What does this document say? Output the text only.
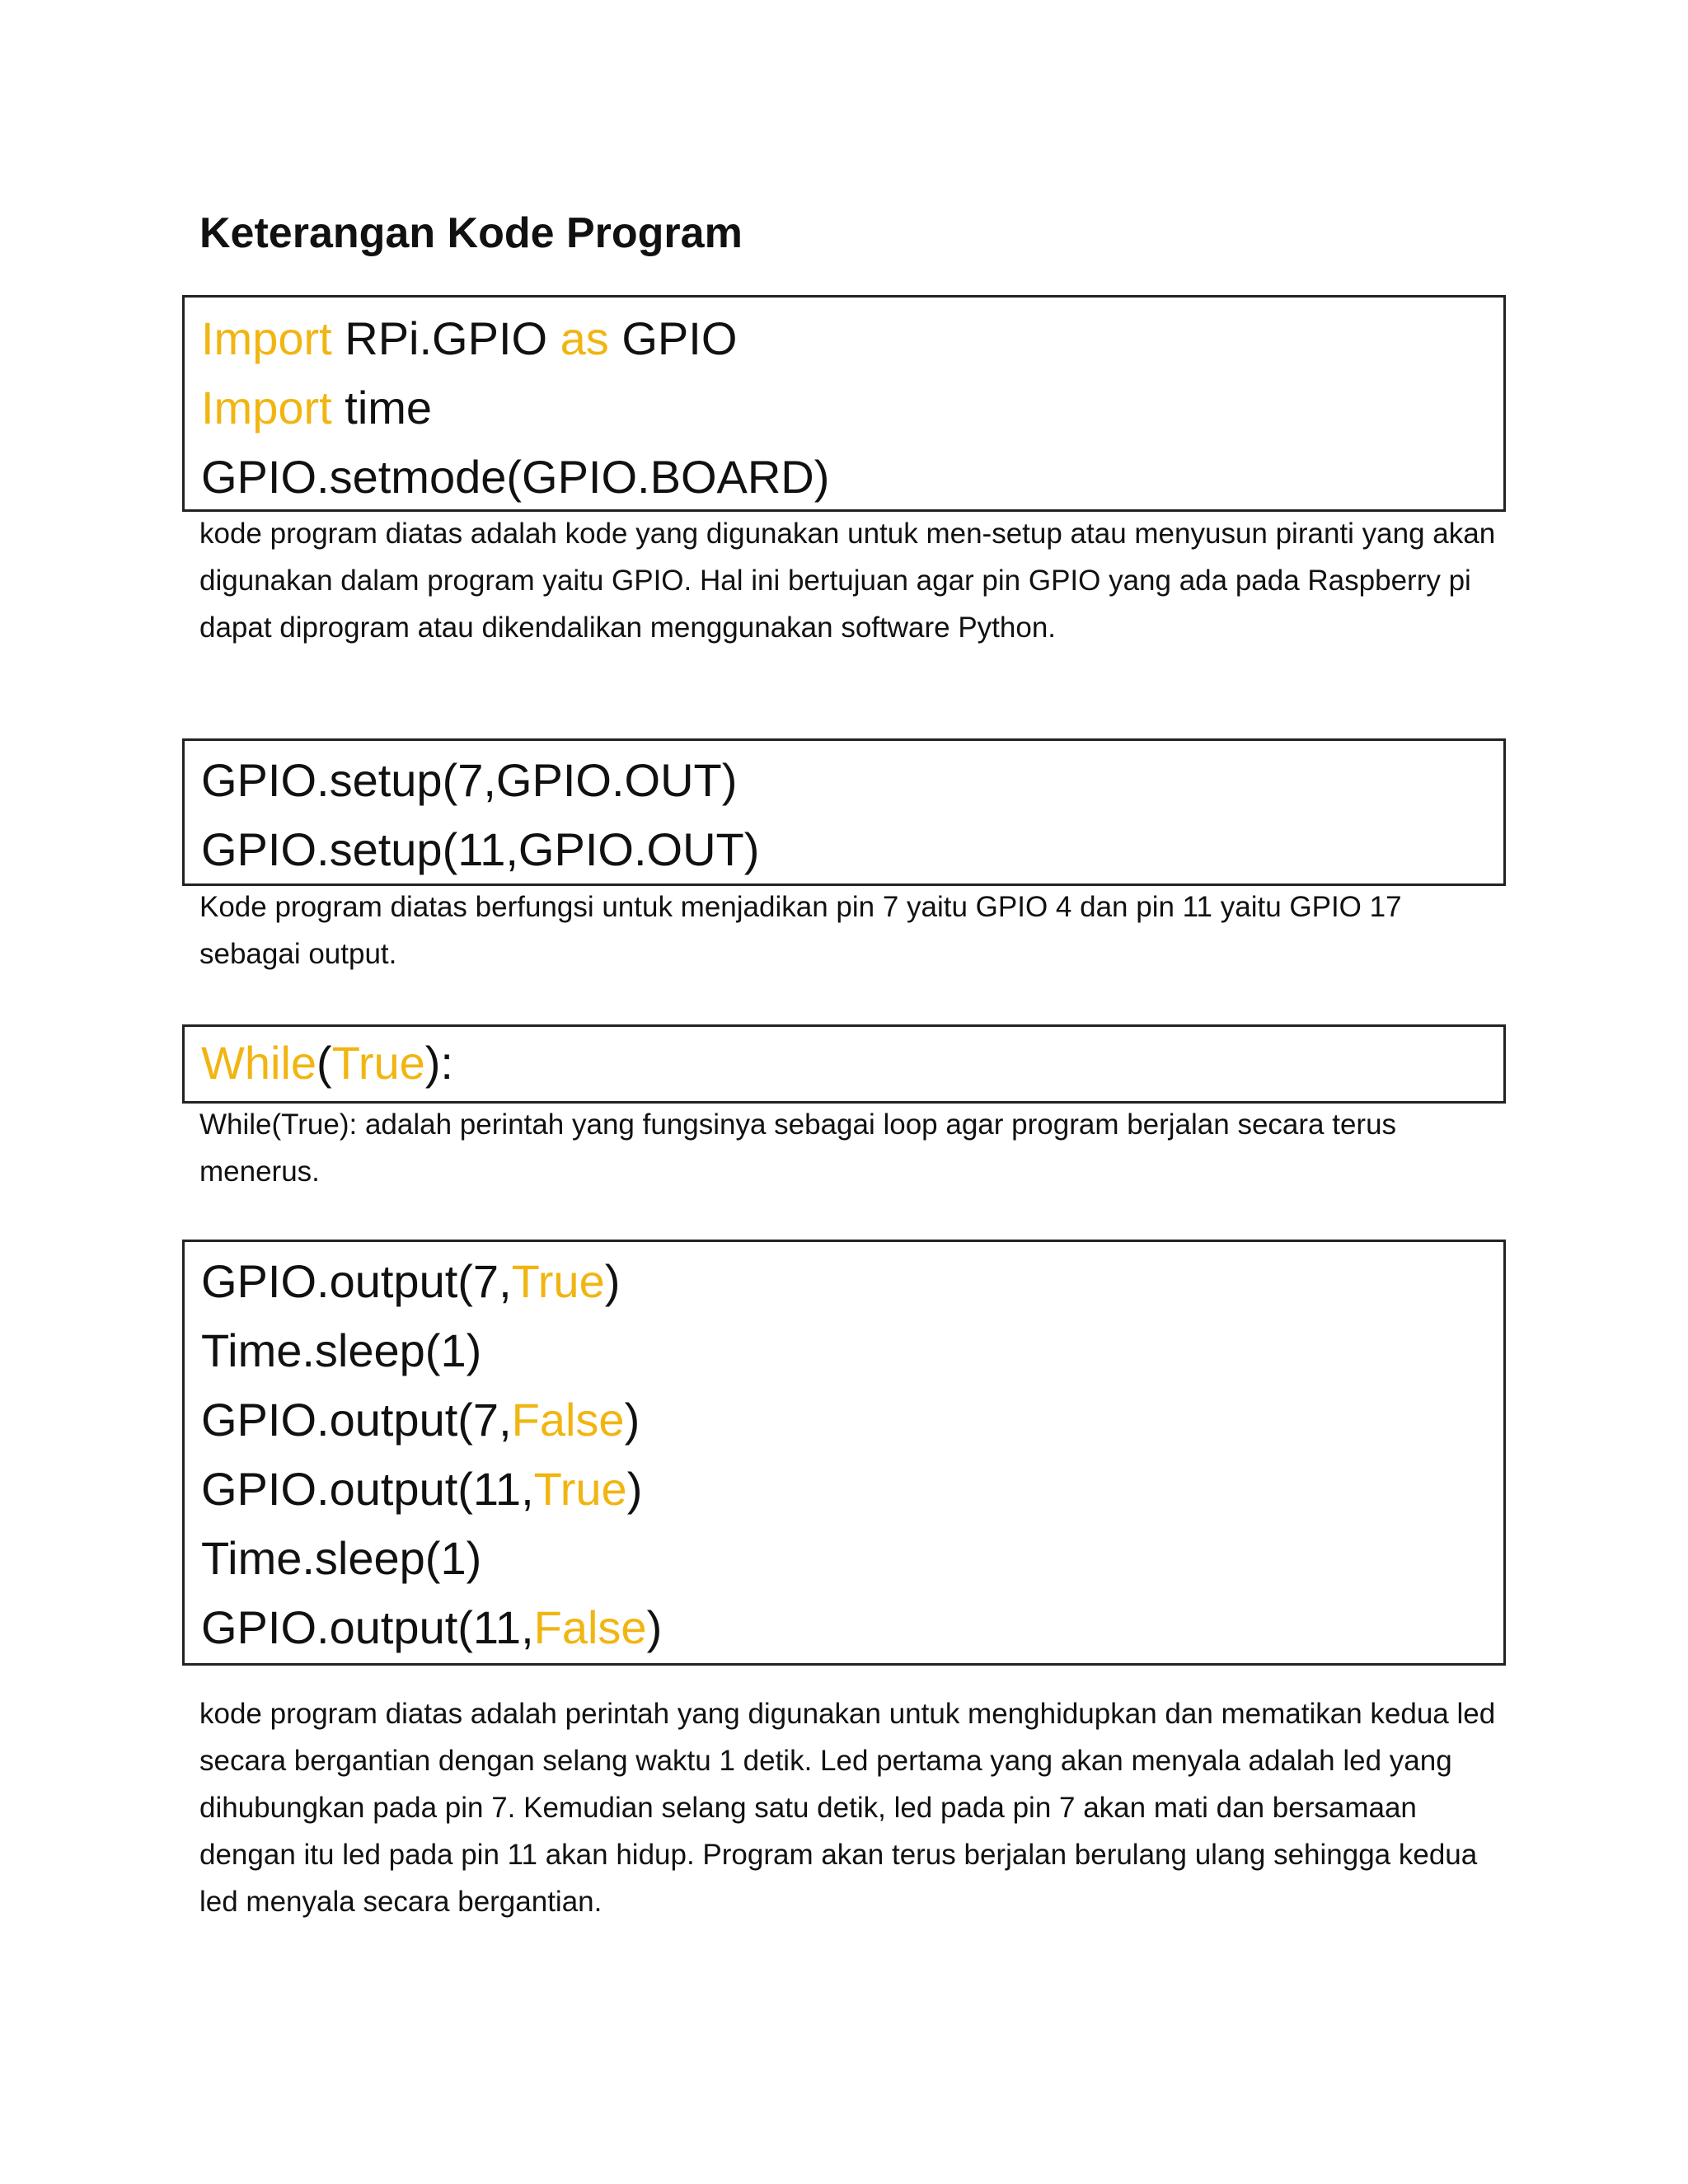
Keterangan Kode Program
Import RPi.GPIO as GPIO
Import time
GPIO.setmode(GPIO.BOARD)

kode program diatas adalah kode yang digunakan untuk men-setup atau menyusun piranti yang akan digunakan dalam program yaitu GPIO. Hal ini bertujuan agar pin GPIO yang ada pada Raspberry pi dapat diprogram atau dikendalikan menggunakan software Python.

GPIO.setup(7,GPIO.OUT)
GPIO.setup(11,GPIO.OUT)

Kode program diatas berfungsi untuk menjadikan pin 7 yaitu GPIO 4 dan pin 11 yaitu GPIO 17 sebagai output.

While(True):

While(True): adalah perintah yang fungsinya sebagai loop agar program berjalan secara terus menerus.

GPIO.output(7,True)
Time.sleep(1)
GPIO.output(7,False)
GPIO.output(11,True)
Time.sleep(1)
GPIO.output(11,False)

kode program diatas adalah perintah yang digunakan untuk menghidupkan dan mematikan kedua led secara bergantian dengan selang waktu 1 detik. Led pertama yang akan menyala adalah led yang dihubungkan pada pin 7. Kemudian selang satu detik, led pada pin 7 akan mati dan bersamaan dengan itu led pada pin 11 akan hidup. Program akan terus berjalan berulang ulang sehingga kedua led menyala secara bergantian.
